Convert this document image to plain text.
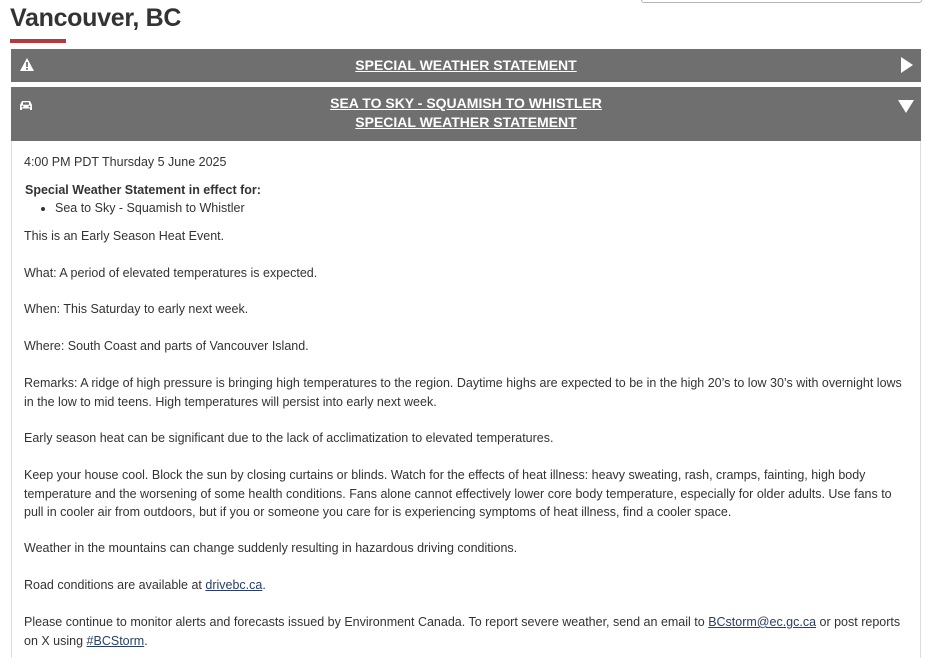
Vancouver, BC
SPECIAL WEATHER STATEMENT
SEA TO SKY - SQUAMISH TO WHISTLER
SPECIAL WEATHER STATEMENT
4:00 PM PDT Thursday 5 June 2025
Special Weather Statement in effect for:
• Sea to Sky - Squamish to Whistler
This is an Early Season Heat Event.
What: A period of elevated temperatures is expected.
When: This Saturday to early next week.
Where: South Coast and parts of Vancouver Island.
Remarks: A ridge of high pressure is bringing high temperatures to the region. Daytime highs are expected to be in the high 20’s to low 30’s with overnight lows in the low to mid teens. High temperatures will persist into early next week.
Early season heat can be significant due to the lack of acclimatization to elevated temperatures.
Keep your house cool. Block the sun by closing curtains or blinds. Watch for the effects of heat illness: heavy sweating, rash, cramps, fainting, high body temperature and the worsening of some health conditions. Fans alone cannot effectively lower core body temperature, especially for older adults. Use fans to pull in cooler air from outdoors, but if you or someone you care for is experiencing symptoms of heat illness, find a cooler space.
Weather in the mountains can change suddenly resulting in hazardous driving conditions.
Road conditions are available at drivebc.ca.
Please continue to monitor alerts and forecasts issued by Environment Canada. To report severe weather, send an email to BCstorm@ec.gc.ca or post reports on X using #BCStorm.
